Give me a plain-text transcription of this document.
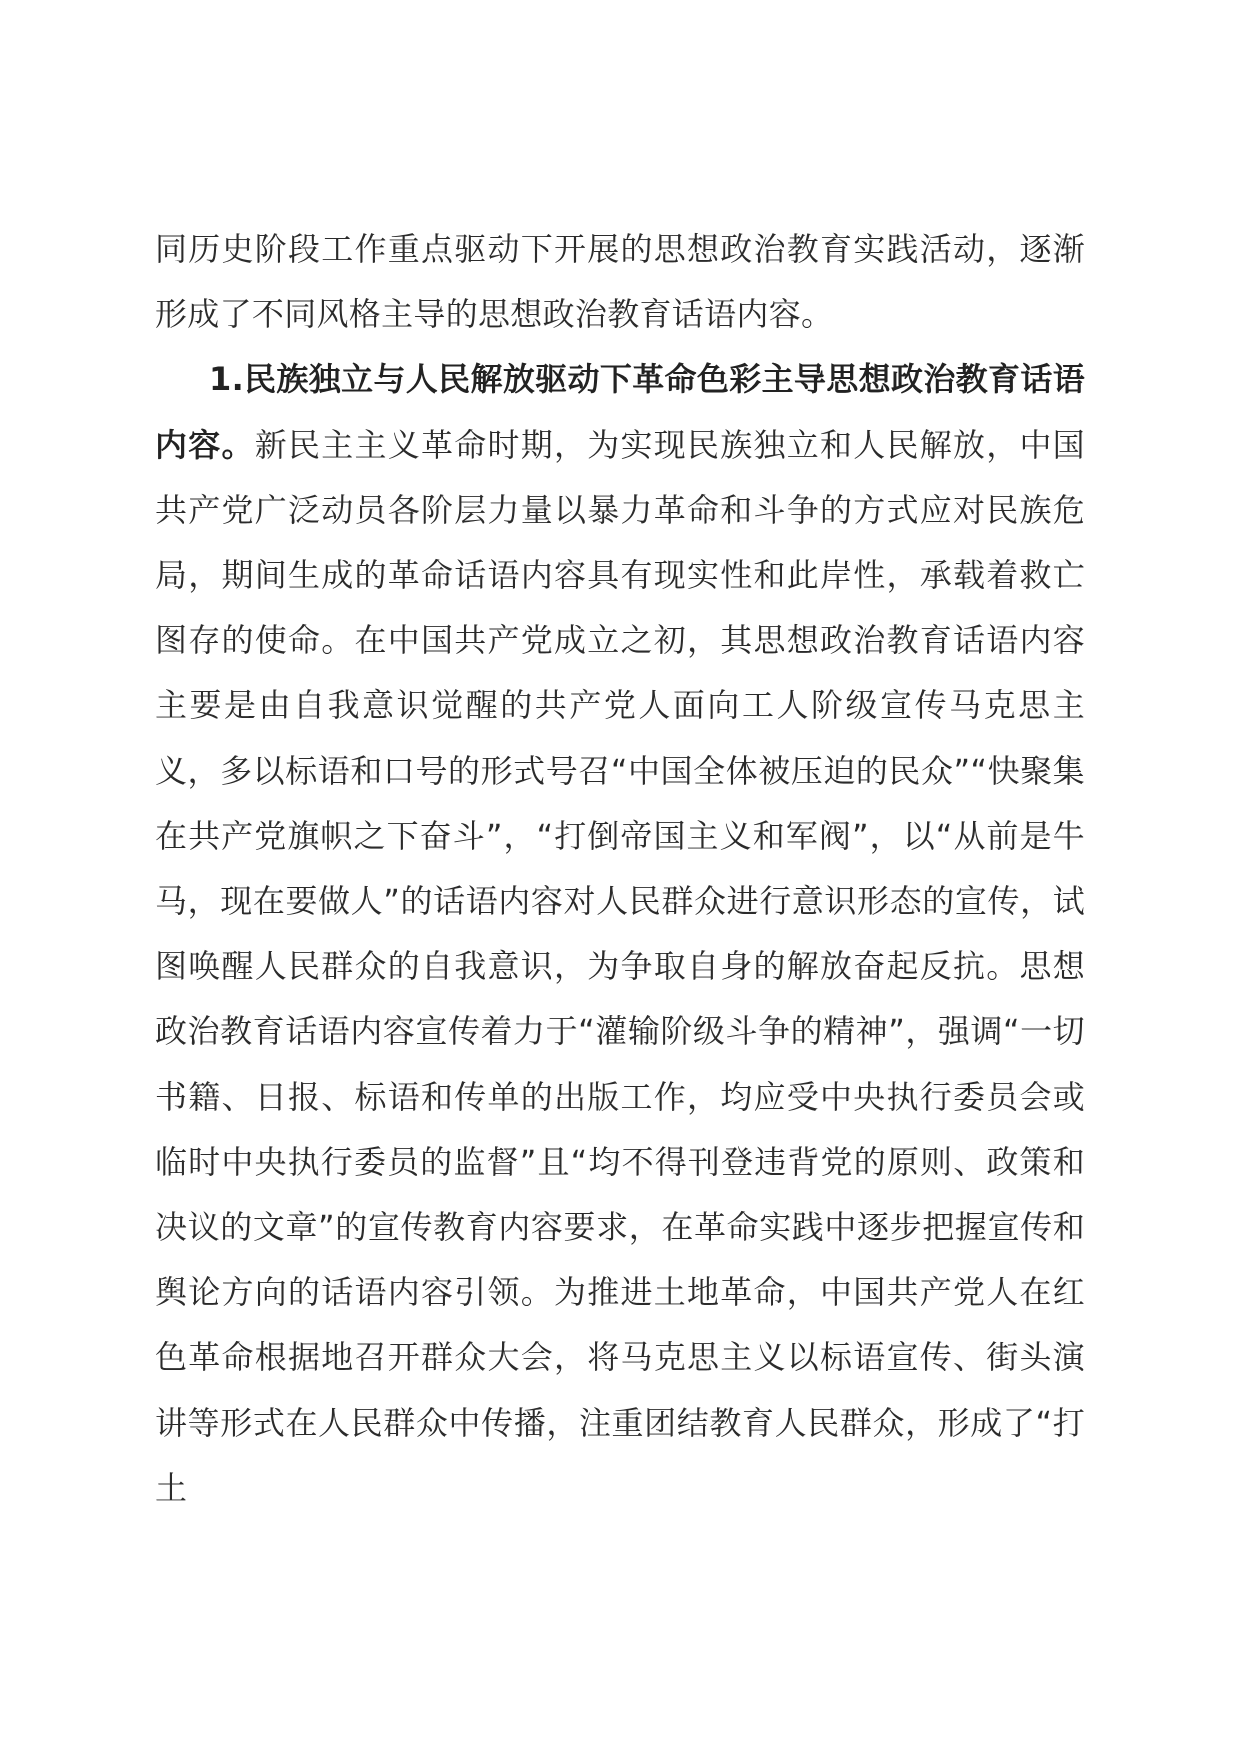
同历史阶段工作重点驱动下开展的思想政治教育实践活动，逐渐形成了不同风格主导的思想政治教育话语内容。

1.民族独立与人民解放驱动下革命色彩主导思想政治教育话语内容。新民主主义革命时期，为实现民族独立和人民解放，中国共产党广泛动员各阶层力量以暴力革命和斗争的方式应对民族危局，期间生成的革命话语内容具有现实性和此岸性，承载着救亡图存的使命。在中国共产党成立之初，其思想政治教育话语内容主要是由自我意识觉醒的共产党人面向工人阶级宣传马克思主义，多以标语和口号的形式号召“中国全体被压迫的民众”“快聚集在共产党旗帜之下奋斗”，“打倒帝国主义和军阀”，以“从前是牛马，现在要做人”的话语内容对人民群众进行意识形态的宣传，试图唤醒人民群众的自我意识，为争取自身的解放奋起反抗。思想政治教育话语内容宣传着力于“灌输阶级斗争的精神”，强调“一切书籍、日报、标语和传单的出版工作，均应受中央执行委员会或临时中央执行委员的监督”且“均不得刊登违背党的原则、政策和决议的文章”的宣传教育内容要求，在革命实践中逐步把握宣传和舆论方向的话语内容引领。为推进土地革命，中国共产党人在红色革命根据地召开群众大会，将马克思主义以标语宣传、街头演讲等形式在人民群众中传播，注重团结教育人民群众，形成了“打土
